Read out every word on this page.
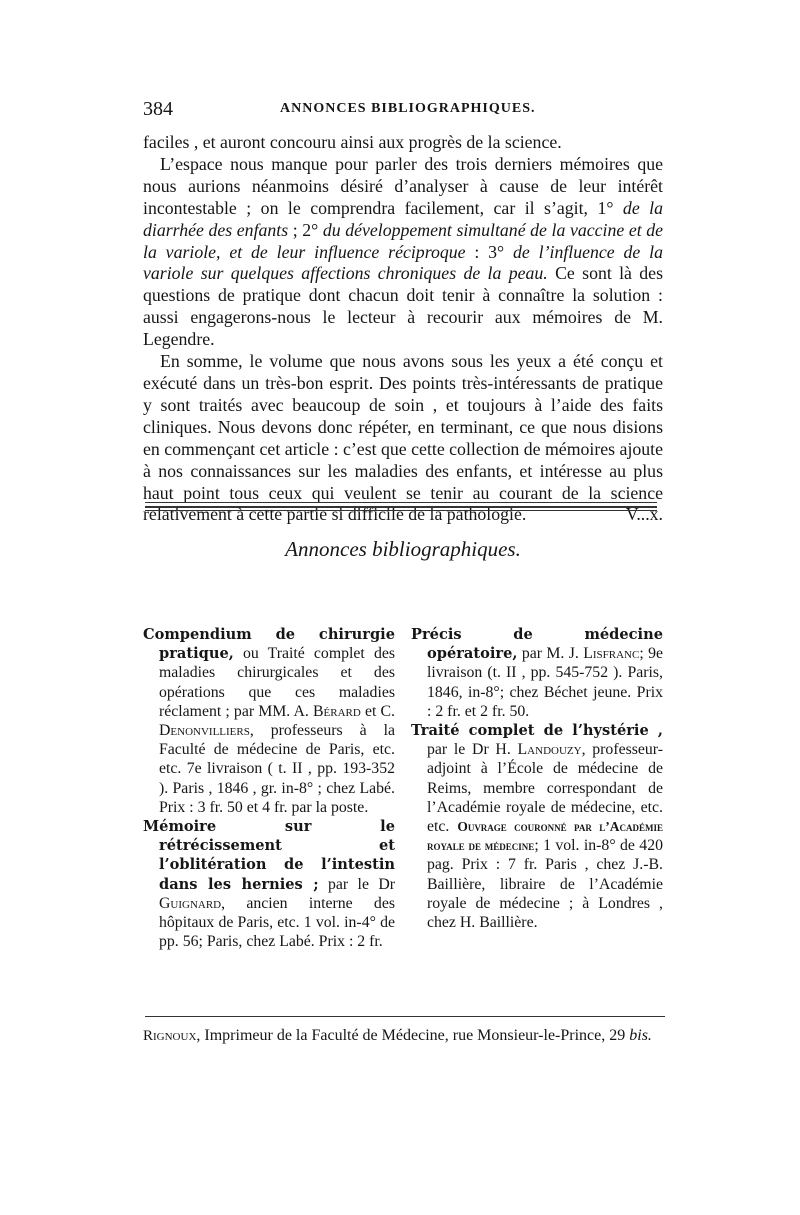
384	ANNONCES BIBLIOGRAPHIQUES.

faciles , et auront concouru ainsi aux progrès de la science.

L’espace nous manque pour parler des trois derniers mémoires que nous aurions néanmoins désiré d’analyser à cause de leur intérêt incontestable ; on le comprendra facilement, car il s’agit, 1° de la diarrhée des enfants ; 2° du développement simultané de la vaccine et de la variole, et de leur influence réciproque : 3° de l’influence de la variole sur quelques affections chroniques de la peau. Ce sont là des questions de pratique dont chacun doit tenir à connaître la solution : aussi engagerons-nous le lecteur à recourir aux mémoires de M. Legendre.

En somme, le volume que nous avons sous les yeux a été conçu et exécuté dans un très-bon esprit. Des points très-intéressants de pratique y sont traités avec beaucoup de soin , et toujours à l’aide des faits cliniques. Nous devons donc répéter, en terminant, ce que nous disions en commençant cet article : c’est que cette collection de mémoires ajoute à nos connaissances sur les maladies des enfants, et intéresse au plus haut point tous ceux qui veulent se tenir au courant de la science relativement à cette partie si difficile de la pathologie.	V...x.

Annonces bibliographiques.

Compendium de chirurgie pratique, ou Traité complet des maladies chirurgicales et des opérations que ces maladies réclament ; par MM. A. Bérard et C. Denonvilliers, professeurs à la Faculté de médecine de Paris, etc. etc. 7e livraison ( t. II , pp. 193-352 ). Paris , 1846 , gr. in-8° ; chez Labé. Prix : 3 fr. 50 et 4 fr. par la poste.

Mémoire sur le rétrécissement et l’oblitération de l’intestin dans les hernies ; par le Dr Guignard, ancien interne des hôpitaux de Paris, etc. 1 vol. in-4° de pp. 56; Paris, chez Labé. Prix : 2 fr.

Précis de médecine opératoire, par M. J. Lisfranc; 9e livraison (t. II , pp. 545-752 ). Paris, 1846, in-8°; chez Béchet jeune. Prix : 2 fr. et 2 fr. 50.

Traité complet de l’hystérie , par le Dr H. Landouzy, professeur-adjoint à l’École de médecine de Reims, membre correspondant de l’Académie royale de médecine, etc. etc. Ouvrage couronné par l’Académie royale de médecine; 1 vol. in-8° de 420 pag. Prix : 7 fr. Paris , chez J.-B. Baillière, libraire de l’Académie royale de médecine ; à Londres , chez H. Baillière.

Rignoux, Imprimeur de la Faculté de Médecine, rue Monsieur-le-Prince, 29 bis.
